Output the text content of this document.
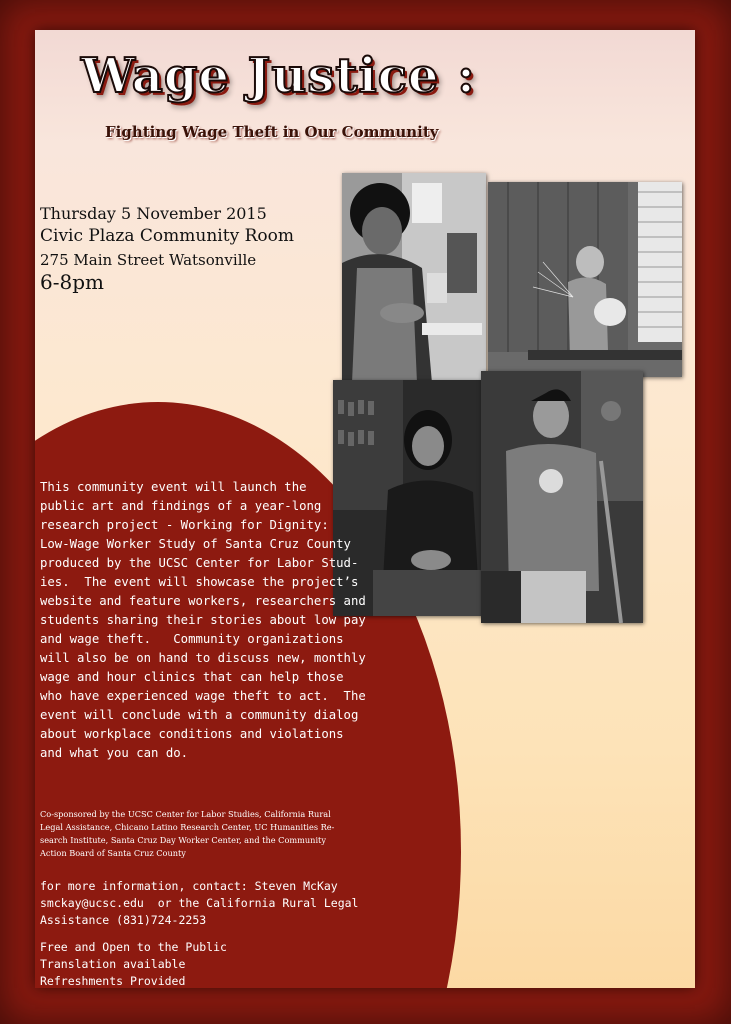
Wage Justice :
Fighting Wage Theft in Our Community
Thursday 5 November 2015
Civic Plaza Community Room
275 Main Street Watsonville
6-8pm

This community event will launch the
public art and findings of a year-long
research project - Working for Dignity:
Low-Wage Worker Study of Santa Cruz County
produced by the UCSC Center for Labor Stud-
ies.  The event will showcase the project’s
website and feature workers, researchers and
students sharing their stories about low pay
and wage theft.   Community organizations
will also be on hand to discuss new, monthly
wage and hour clinics that can help those
who have experienced wage theft to act.  The
event will conclude with a community dialog
about workplace conditions and violations
and what you can do.

Co-sponsored by the UCSC Center for Labor Studies, California Rural
Legal Assistance, Chicano Latino Research Center, UC Humanities Re-
search Institute, Santa Cruz Day Worker Center, and the Community
Action Board of Santa Cruz County

for more information, contact: Steven McKay
smckay@ucsc.edu  or the California Rural Legal
Assistance (831)724-2253

Free and Open to the Public
Translation available
Refreshments Provided
